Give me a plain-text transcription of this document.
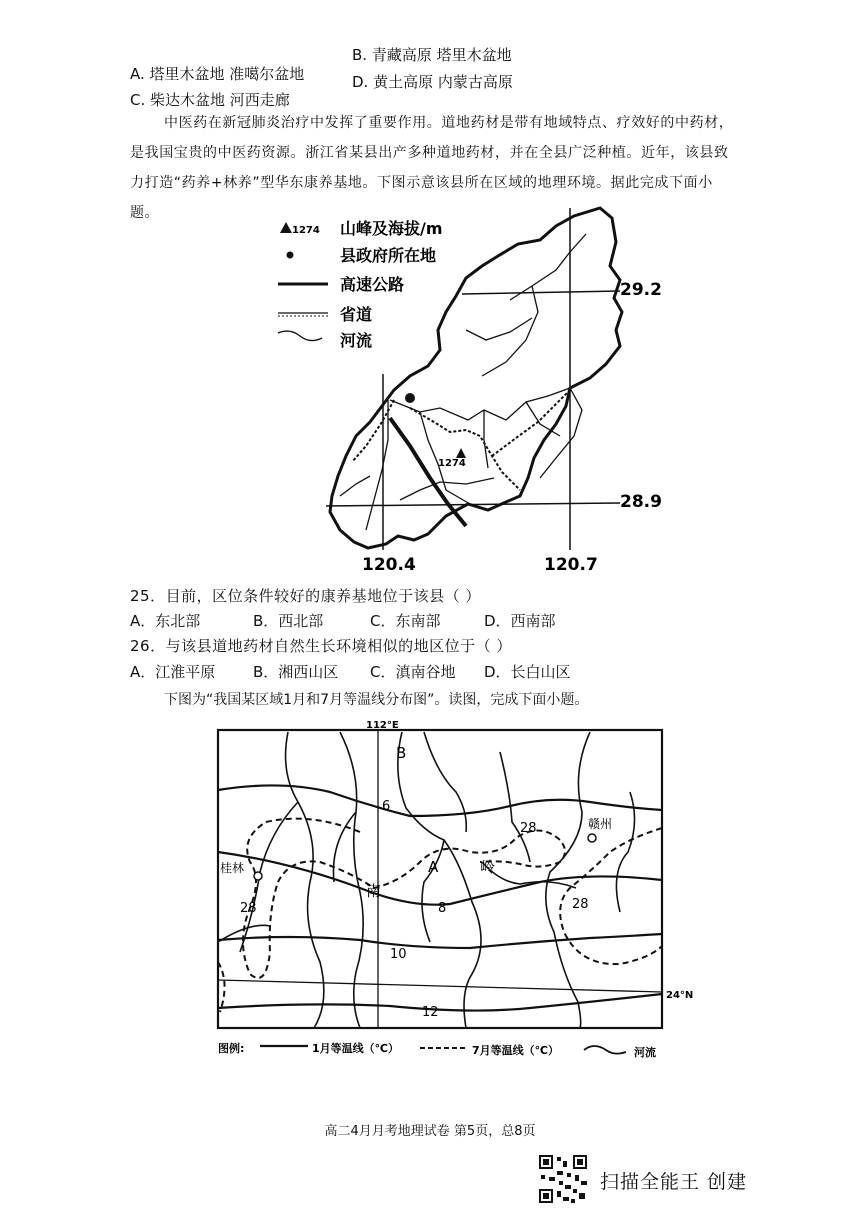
A. 塔里木盆地 准噶尔盆地
B. 青藏高原 塔里木盆地
C. 柴达木盆地 河西走廊
D. 黄土高原 内蒙古高原
中医药在新冠肺炎治疗中发挥了重要作用。道地药材是带有地域特点、疗效好的中药材，
是我国宝贵的中医药资源。浙江省某县出产多种道地药材，并在全县广泛种植。近年，该县致
力打造“药养+林养”型华东康养基地。下图示意该县所在区域的地理环境。据此完成下面小
题。
1274 山峰及海拔/m
县政府所在地
高速公路
省道
河流
1274
29.2
28.9
120.4	120.7
25．目前，区位条件较好的康养基地位于该县（ ）
A．东北部	B．西北部	C．东南部	D．西南部
26．与该县道地药材自然生长环境相似的地区位于（ ）
A．江淮平原	B．湘西山区 C．滇南谷地 D．长白山区
下图为“我国某区域1月和7月等温线分布图”。读图，完成下面小题。
112°E
24°N
B
6
28	赣州
桂林	A	岭
南
8
28	28
10
12
图例:	1月等温线（℃）	7月等温线（℃）	河流
高二4月月考地理试卷 第5页，总8页
扫描全能王 创建
